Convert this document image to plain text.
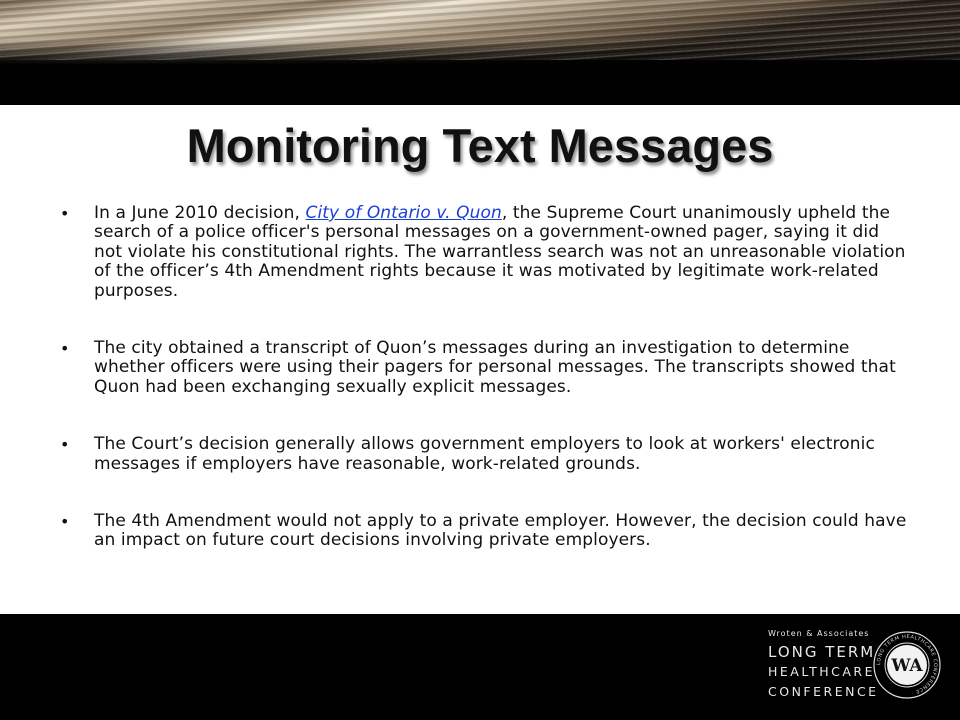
Monitoring Text Messages
• In a June 2010 decision, City of Ontario v. Quon, the Supreme Court unanimously upheld the search of a police officer's personal messages on a government-owned pager, saying it did not violate his constitutional rights. The warrantless search was not an unreasonable violation of the officer’s 4th Amendment rights because it was motivated by legitimate work-related purposes.
• The city obtained a transcript of Quon’s messages during an investigation to determine whether officers were using their pagers for personal messages. The transcripts showed that Quon had been exchanging sexually explicit messages.
• The Court’s decision generally allows government employers to look at workers' electronic messages if employers have reasonable, work-related grounds.
• The 4th Amendment would not apply to a private employer. However, the decision could have an impact on future court decisions involving private employers.
Wroten & Associates
LONG TERM
HEALTHCARE
CONFERENCE
LONG TERM HEALTHCARE CONFERENCE
WA
